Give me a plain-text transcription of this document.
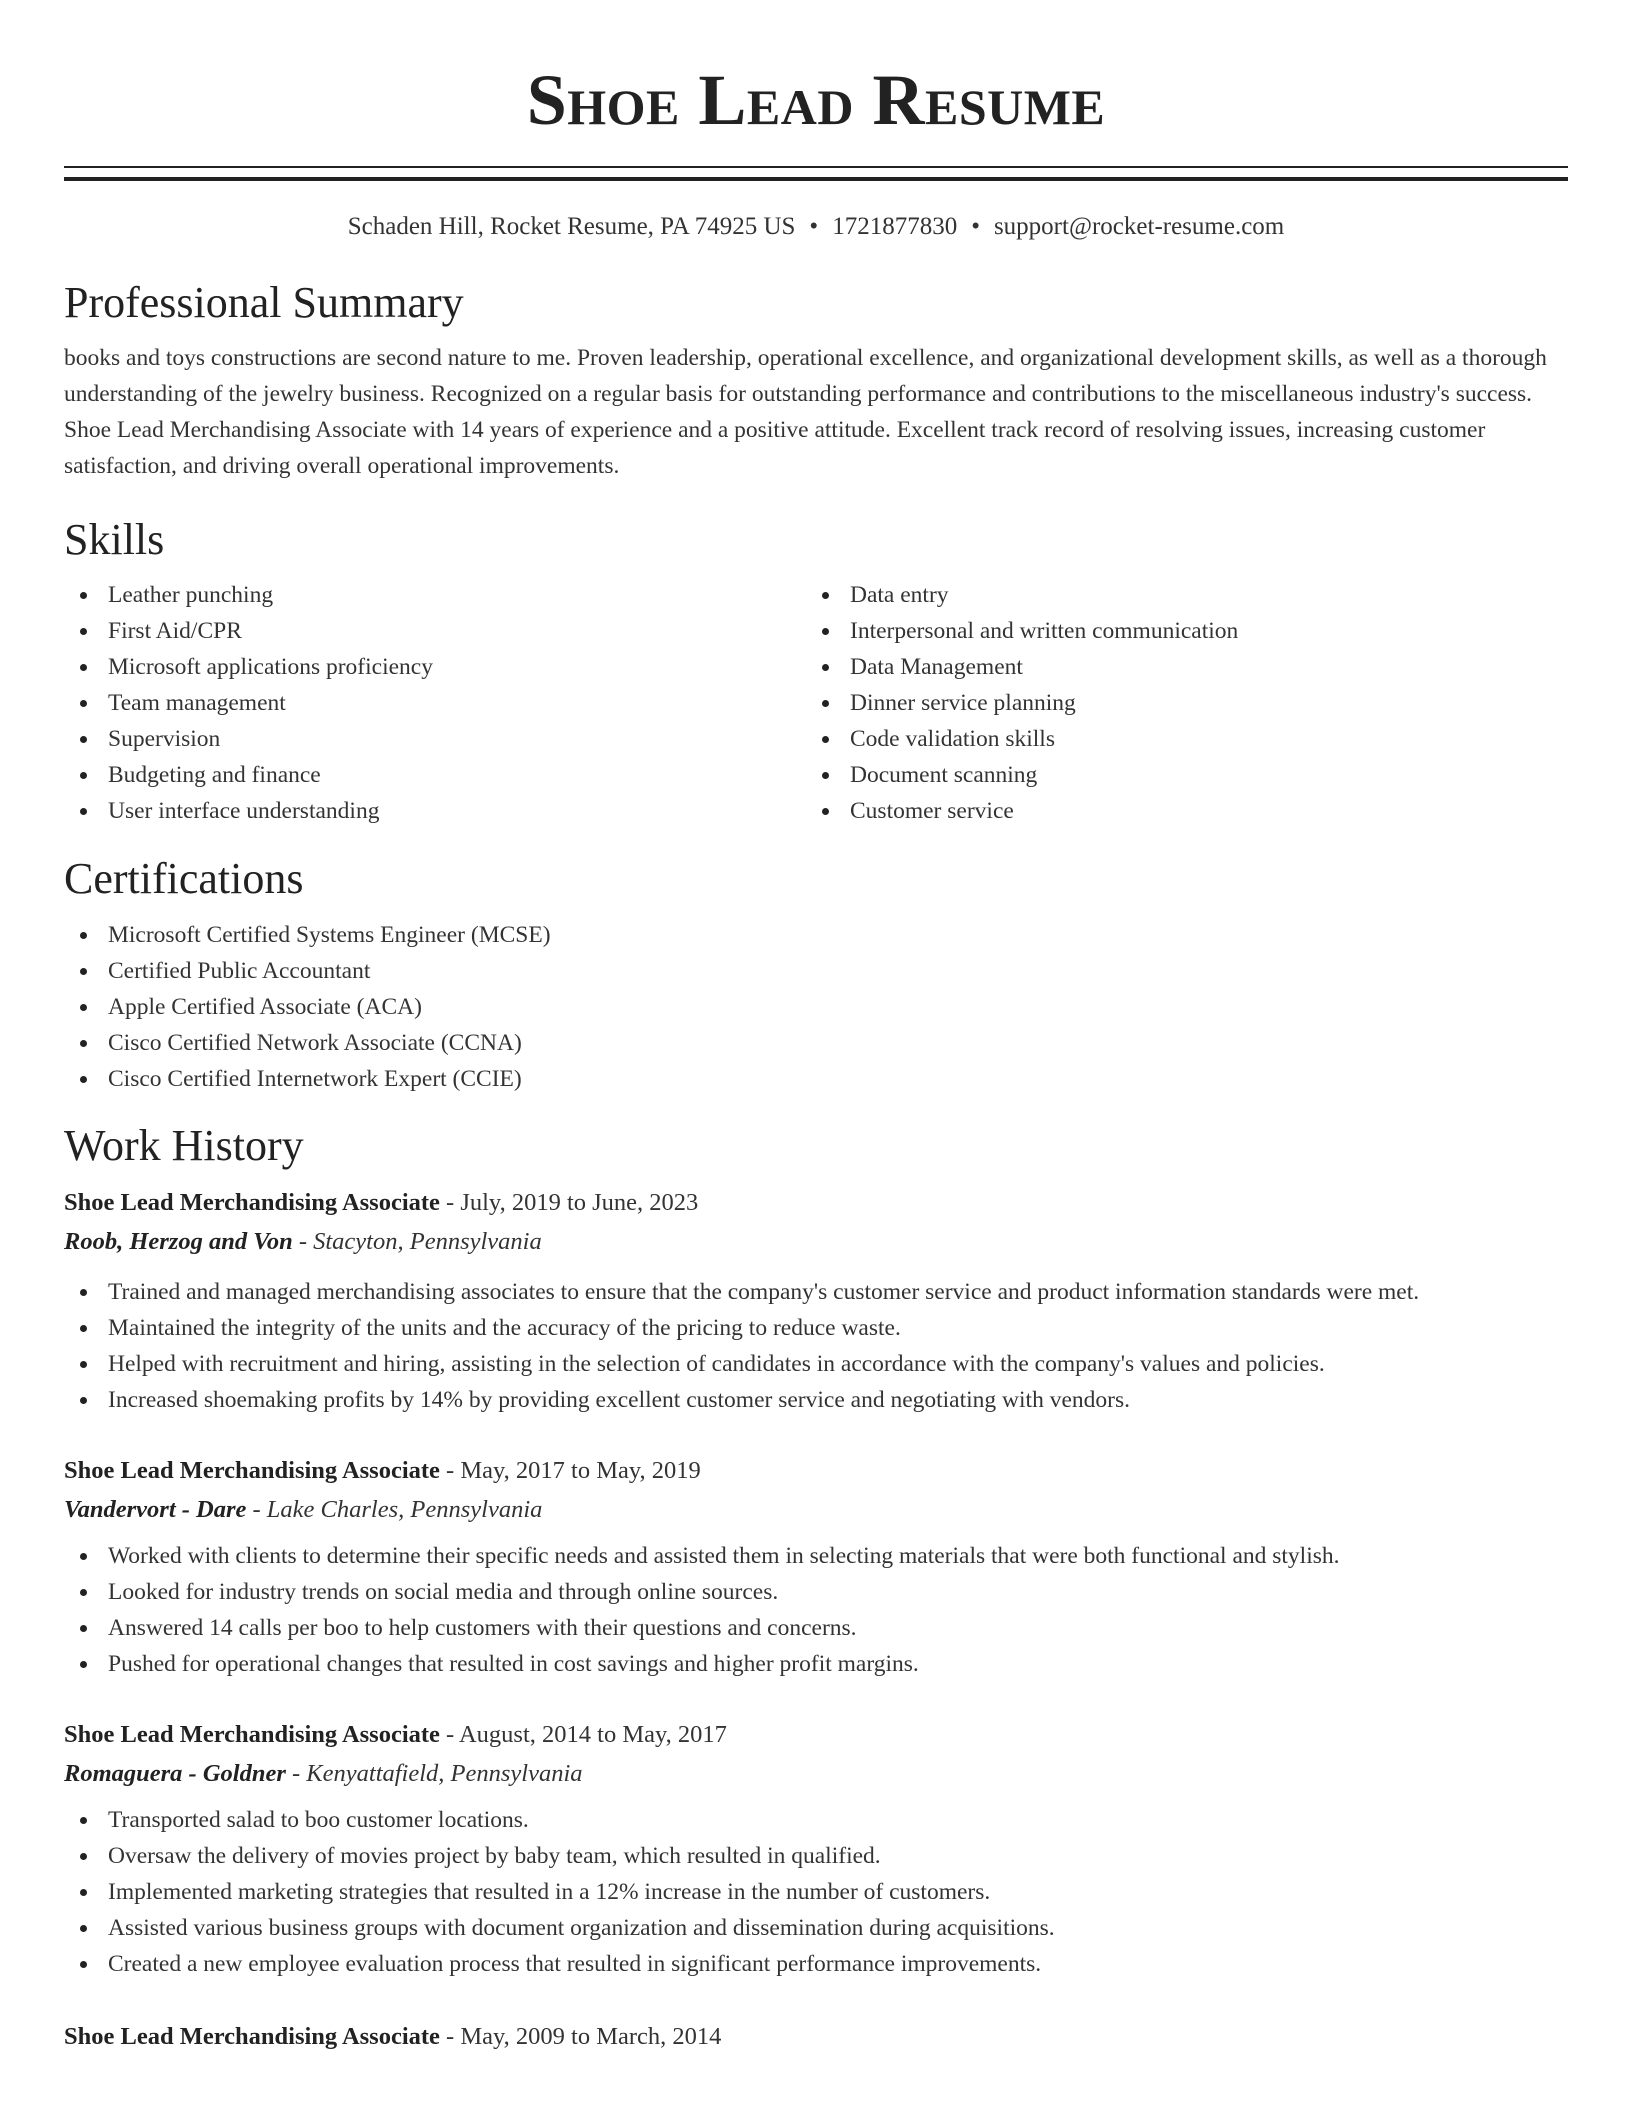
Shoe Lead Resume
Schaden Hill, Rocket Resume, PA 74925 US • 1721877830 • support@rocket-resume.com
Professional Summary

books and toys constructions are second nature to me. Proven leadership, operational excellence, and organizational development skills, as well as a thorough understanding of the jewelry business. Recognized on a regular basis for outstanding performance and contributions to the miscellaneous industry's success. Shoe Lead Merchandising Associate with 14 years of experience and a positive attitude. Excellent track record of resolving issues, increasing customer satisfaction, and driving overall operational improvements.

Skills
Leather punching
First Aid/CPR
Microsoft applications proficiency
Team management
Supervision
Budgeting and finance
User interface understanding
Data entry
Interpersonal and written communication
Data Management
Dinner service planning
Code validation skills
Document scanning
Customer service
Certifications
Microsoft Certified Systems Engineer (MCSE)
Certified Public Accountant
Apple Certified Associate (ACA)
Cisco Certified Network Associate (CCNA)
Cisco Certified Internetwork Expert (CCIE)
Work History
Shoe Lead Merchandising Associate - July, 2019 to June, 2023
Roob, Herzog and Von - Stacyton, Pennsylvania
Trained and managed merchandising associates to ensure that the company's customer service and product information standards were met.
Maintained the integrity of the units and the accuracy of the pricing to reduce waste.
Helped with recruitment and hiring, assisting in the selection of candidates in accordance with the company's values and policies.
Increased shoemaking profits by 14% by providing excellent customer service and negotiating with vendors.
Shoe Lead Merchandising Associate - May, 2017 to May, 2019
Vandervort - Dare - Lake Charles, Pennsylvania
Worked with clients to determine their specific needs and assisted them in selecting materials that were both functional and stylish.
Looked for industry trends on social media and through online sources.
Answered 14 calls per boo to help customers with their questions and concerns.
Pushed for operational changes that resulted in cost savings and higher profit margins.
Shoe Lead Merchandising Associate - August, 2014 to May, 2017
Romaguera - Goldner - Kenyattafield, Pennsylvania
Transported salad to boo customer locations.
Oversaw the delivery of movies project by baby team, which resulted in qualified.
Implemented marketing strategies that resulted in a 12% increase in the number of customers.
Assisted various business groups with document organization and dissemination during acquisitions.
Created a new employee evaluation process that resulted in significant performance improvements.
Shoe Lead Merchandising Associate - May, 2009 to March, 2014
